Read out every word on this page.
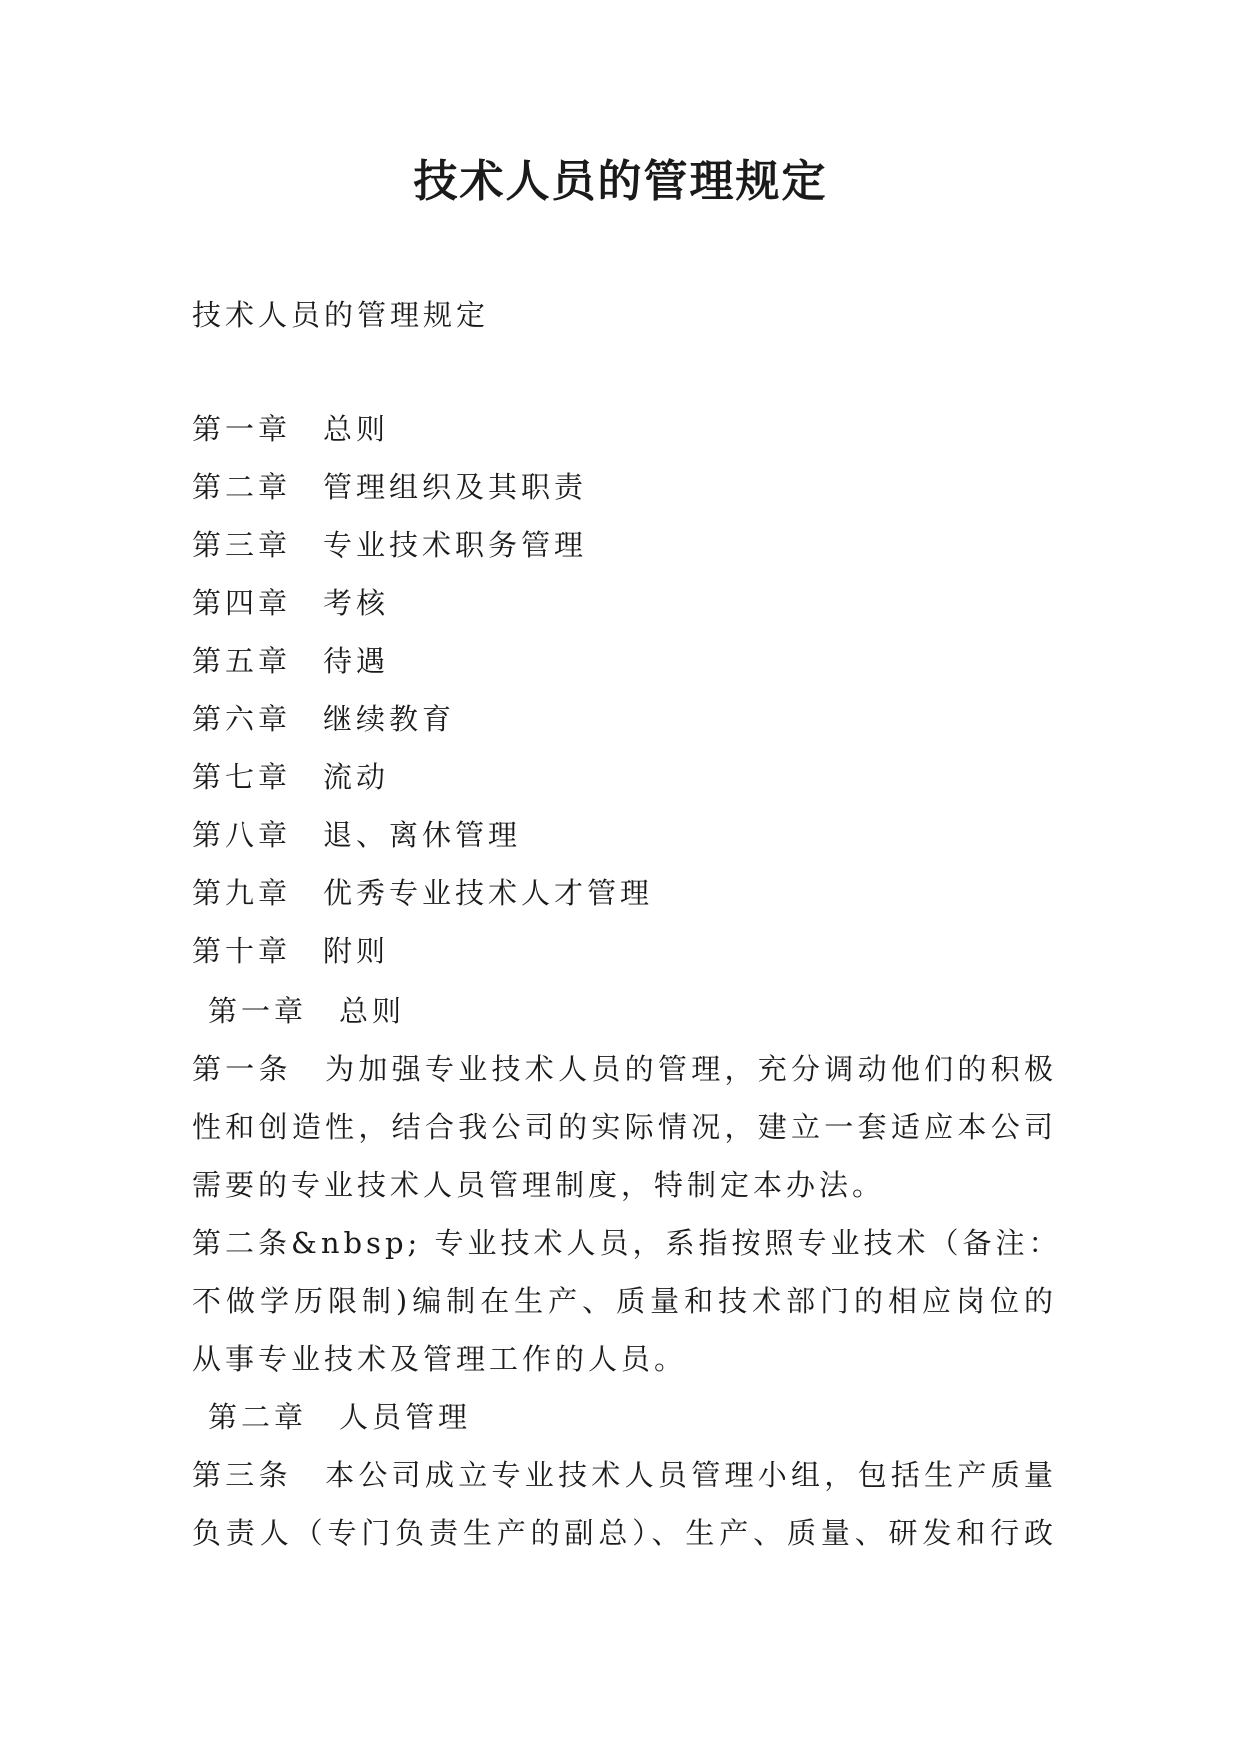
技术人员的管理规定

技术人员的管理规定

第一章 总则
第二章 管理组织及其职责
第三章 专业技术职务管理
第四章 考核
第五章 待遇
第六章 继续教育
第七章 流动
第八章 退、离休管理
第九章 优秀专业技术人才管理
第十章 附则
第一章 总则
第一条　为加强专业技术人员的管理，充分调动他们的积极
性和创造性，结合我公司的实际情况，建立一套适应本公司
需要的专业技术人员管理制度，特制定本办法。
第二条&nbsp; 专业技术人员，系指按照专业技术（备注：
不做学历限制)编制在生产、质量和技术部门的相应岗位的
从事专业技术及管理工作的人员。
第二章 人员管理
第三条　本公司成立专业技术人员管理小组，包括生产质量
负责人（专门负责生产的副总）、生产、质量、研发和行政
